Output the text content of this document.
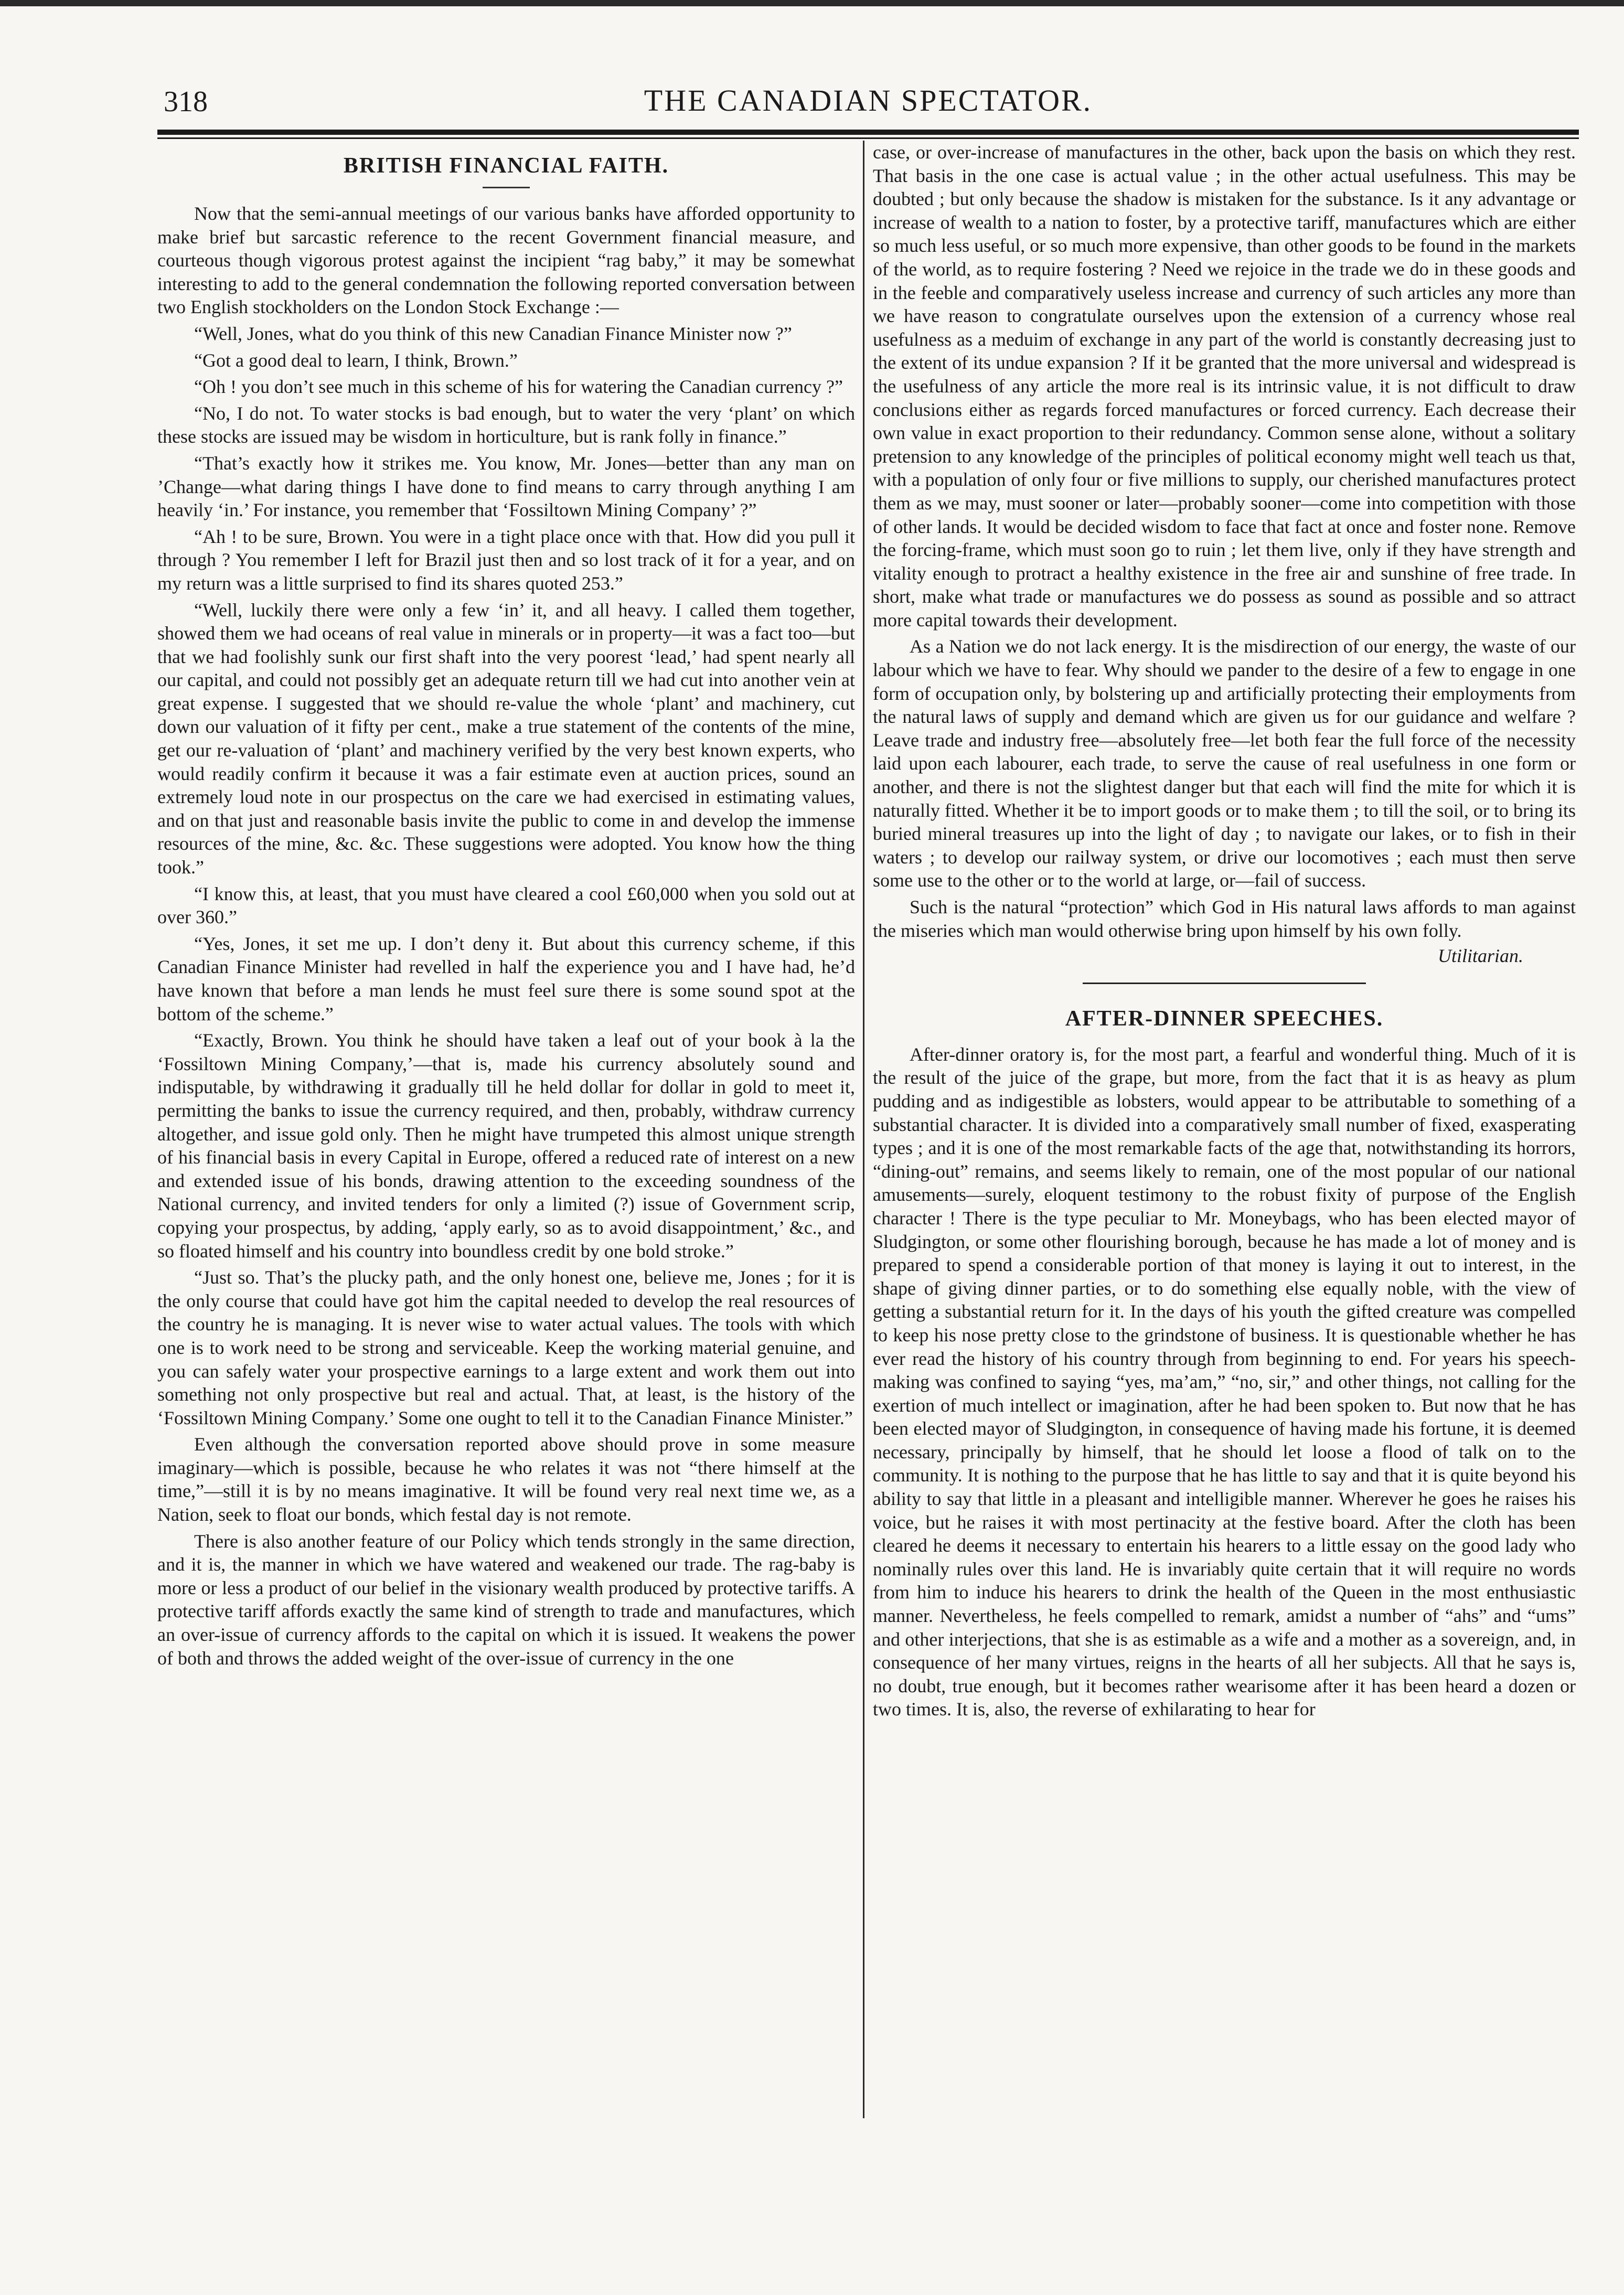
318	THE CANADIAN SPECTATOR.
BRITISH FINANCIAL FAITH.

Now that the semi-annual meetings of our various banks have afforded opportunity to make brief but sarcastic reference to the recent Government financial measure, and courteous though vigorous protest against the incipient “rag baby,” it may be somewhat interesting to add to the general condemnation the following reported conversation between two English stockholders on the London Stock Exchange :—

“Well, Jones, what do you think of this new Canadian Finance Minister now ?”

“Got a good deal to learn, I think, Brown.”

“Oh ! you don’t see much in this scheme of his for watering the Canadian currency ?”

“No, I do not. To water stocks is bad enough, but to water the very ‘plant’ on which these stocks are issued may be wisdom in horticulture, but is rank folly in finance.”

“That’s exactly how it strikes me. You know, Mr. Jones—better than any man on ’Change—what daring things I have done to find means to carry through anything I am heavily ‘in.’ For instance, you remember that ‘Fossiltown Mining Company’ ?”

“Ah ! to be sure, Brown. You were in a tight place once with that. How did you pull it through ? You remember I left for Brazil just then and so lost track of it for a year, and on my return was a little surprised to find its shares quoted 253.”

“Well, luckily there were only a few ‘in’ it, and all heavy. I called them together, showed them we had oceans of real value in minerals or in property—it was a fact too—but that we had foolishly sunk our first shaft into the very poorest ‘lead,’ had spent nearly all our capital, and could not possibly get an adequate return till we had cut into another vein at great expense. I suggested that we should re-value the whole ‘plant’ and machinery, cut down our valuation of it fifty per cent., make a true statement of the contents of the mine, get our re-valuation of ‘plant’ and machinery verified by the very best known experts, who would readily confirm it because it was a fair estimate even at auction prices, sound an extremely loud note in our prospectus on the care we had exercised in estimating values, and on that just and reasonable basis invite the public to come in and develop the immense resources of the mine, &c. &c. These suggestions were adopted. You know how the thing took.”

“I know this, at least, that you must have cleared a cool £60,000 when you sold out at over 360.”

“Yes, Jones, it set me up. I don’t deny it. But about this currency scheme, if this Canadian Finance Minister had revelled in half the experience you and I have had, he’d have known that before a man lends he must feel sure there is some sound spot at the bottom of the scheme.”

“Exactly, Brown. You think he should have taken a leaf out of your book à la the ‘Fossiltown Mining Company,’—that is, made his currency absolutely sound and indisputable, by withdrawing it gradually till he held dollar for dollar in gold to meet it, permitting the banks to issue the currency required, and then, probably, withdraw currency altogether, and issue gold only. Then he might have trumpeted this almost unique strength of his financial basis in every Capital in Europe, offered a reduced rate of interest on a new and extended issue of his bonds, drawing attention to the exceeding soundness of the National currency, and invited tenders for only a limited (?) issue of Government scrip, copying your prospectus, by adding, ‘apply early, so as to avoid disappointment,’ &c., and so floated himself and his country into boundless credit by one bold stroke.”

“Just so. That’s the plucky path, and the only honest one, believe me, Jones ; for it is the only course that could have got him the capital needed to develop the real resources of the country he is managing. It is never wise to water actual values. The tools with which one is to work need to be strong and serviceable. Keep the working material genuine, and you can safely water your prospective earnings to a large extent and work them out into something not only prospective but real and actual. That, at least, is the history of the ‘Fossiltown Mining Company.’ Some one ought to tell it to the Canadian Finance Minister.”

Even although the conversation reported above should prove in some measure imaginary—which is possible, because he who relates it was not “there himself at the time,”—still it is by no means imaginative. It will be found very real next time we, as a Nation, seek to float our bonds, which festal day is not remote.

There is also another feature of our Policy which tends strongly in the same direction, and it is, the manner in which we have watered and weakened our trade. The rag-baby is more or less a product of our belief in the visionary wealth produced by protective tariffs. A protective tariff affords exactly the same kind of strength to trade and manufactures, which an over-issue of currency affords to the capital on which it is issued. It weakens the power of both and throws the added weight of the over-issue of currency in the one

case, or over-increase of manufactures in the other, back upon the basis on which they rest. That basis in the one case is actual value ; in the other actual usefulness. This may be doubted ; but only because the shadow is mistaken for the substance. Is it any advantage or increase of wealth to a nation to foster, by a protective tariff, manufactures which are either so much less useful, or so much more expensive, than other goods to be found in the markets of the world, as to require fostering ? Need we rejoice in the trade we do in these goods and in the feeble and comparatively useless increase and currency of such articles any more than we have reason to congratulate ourselves upon the extension of a currency whose real usefulness as a meduim of exchange in any part of the world is constantly decreasing just to the extent of its undue expansion ? If it be granted that the more universal and widespread is the usefulness of any article the more real is its intrinsic value, it is not difficult to draw conclusions either as regards forced manufactures or forced currency. Each decrease their own value in exact proportion to their redundancy. Common sense alone, without a solitary pretension to any knowledge of the principles of political economy might well teach us that, with a population of only four or five millions to supply, our cherished manufactures protect them as we may, must sooner or later—probably sooner—come into competition with those of other lands. It would be decided wisdom to face that fact at once and foster none. Remove the forcing-frame, which must soon go to ruin ; let them live, only if they have strength and vitality enough to protract a healthy existence in the free air and sunshine of free trade. In short, make what trade or manufactures we do possess as sound as possible and so attract more capital towards their development.

As a Nation we do not lack energy. It is the misdirection of our energy, the waste of our labour which we have to fear. Why should we pander to the desire of a few to engage in one form of occupation only, by bolstering up and artificially protecting their employments from the natural laws of supply and demand which are given us for our guidance and welfare ? Leave trade and industry free—absolutely free—let both fear the full force of the necessity laid upon each labourer, each trade, to serve the cause of real usefulness in one form or another, and there is not the slightest danger but that each will find the mite for which it is naturally fitted. Whether it be to import goods or to make them ; to till the soil, or to bring its buried mineral treasures up into the light of day ; to navigate our lakes, or to fish in their waters ; to develop our railway system, or drive our locomotives ; each must then serve some use to the other or to the world at large, or—fail of success.

Such is the natural “protection” which God in His natural laws affords to man against the miseries which man would otherwise bring upon himself by his own folly.

Utilitarian.
AFTER-DINNER SPEECHES.

After-dinner oratory is, for the most part, a fearful and wonderful thing. Much of it is the result of the juice of the grape, but more, from the fact that it is as heavy as plum pudding and as indigestible as lobsters, would appear to be attributable to something of a substantial character. It is divided into a comparatively small number of fixed, exasperating types ; and it is one of the most remarkable facts of the age that, notwithstanding its horrors, “dining-out” remains, and seems likely to remain, one of the most popular of our national amusements—surely, eloquent testimony to the robust fixity of purpose of the English character ! There is the type peculiar to Mr. Moneybags, who has been elected mayor of Sludgington, or some other flourishing borough, because he has made a lot of money and is prepared to spend a considerable portion of that money is laying it out to interest, in the shape of giving dinner parties, or to do something else equally noble, with the view of getting a substantial return for it. In the days of his youth the gifted creature was compelled to keep his nose pretty close to the grindstone of business. It is questionable whether he has ever read the history of his country through from beginning to end. For years his speech-making was confined to saying “yes, ma’am,” “no, sir,” and other things, not calling for the exertion of much intellect or imagination, after he had been spoken to. But now that he has been elected mayor of Sludgington, in consequence of having made his fortune, it is deemed necessary, principally by himself, that he should let loose a flood of talk on to the community. It is nothing to the purpose that he has little to say and that it is quite beyond his ability to say that little in a pleasant and intelligible manner. Wherever he goes he raises his voice, but he raises it with most pertinacity at the festive board. After the cloth has been cleared he deems it necessary to entertain his hearers to a little essay on the good lady who nominally rules over this land. He is invariably quite certain that it will require no words from him to induce his hearers to drink the health of the Queen in the most enthusiastic manner. Nevertheless, he feels compelled to remark, amidst a number of “ahs” and “ums” and other interjections, that she is as estimable as a wife and a mother as a sovereign, and, in consequence of her many virtues, reigns in the hearts of all her subjects. All that he says is, no doubt, true enough, but it becomes rather wearisome after it has been heard a dozen or two times. It is, also, the reverse of exhilarating to hear for
